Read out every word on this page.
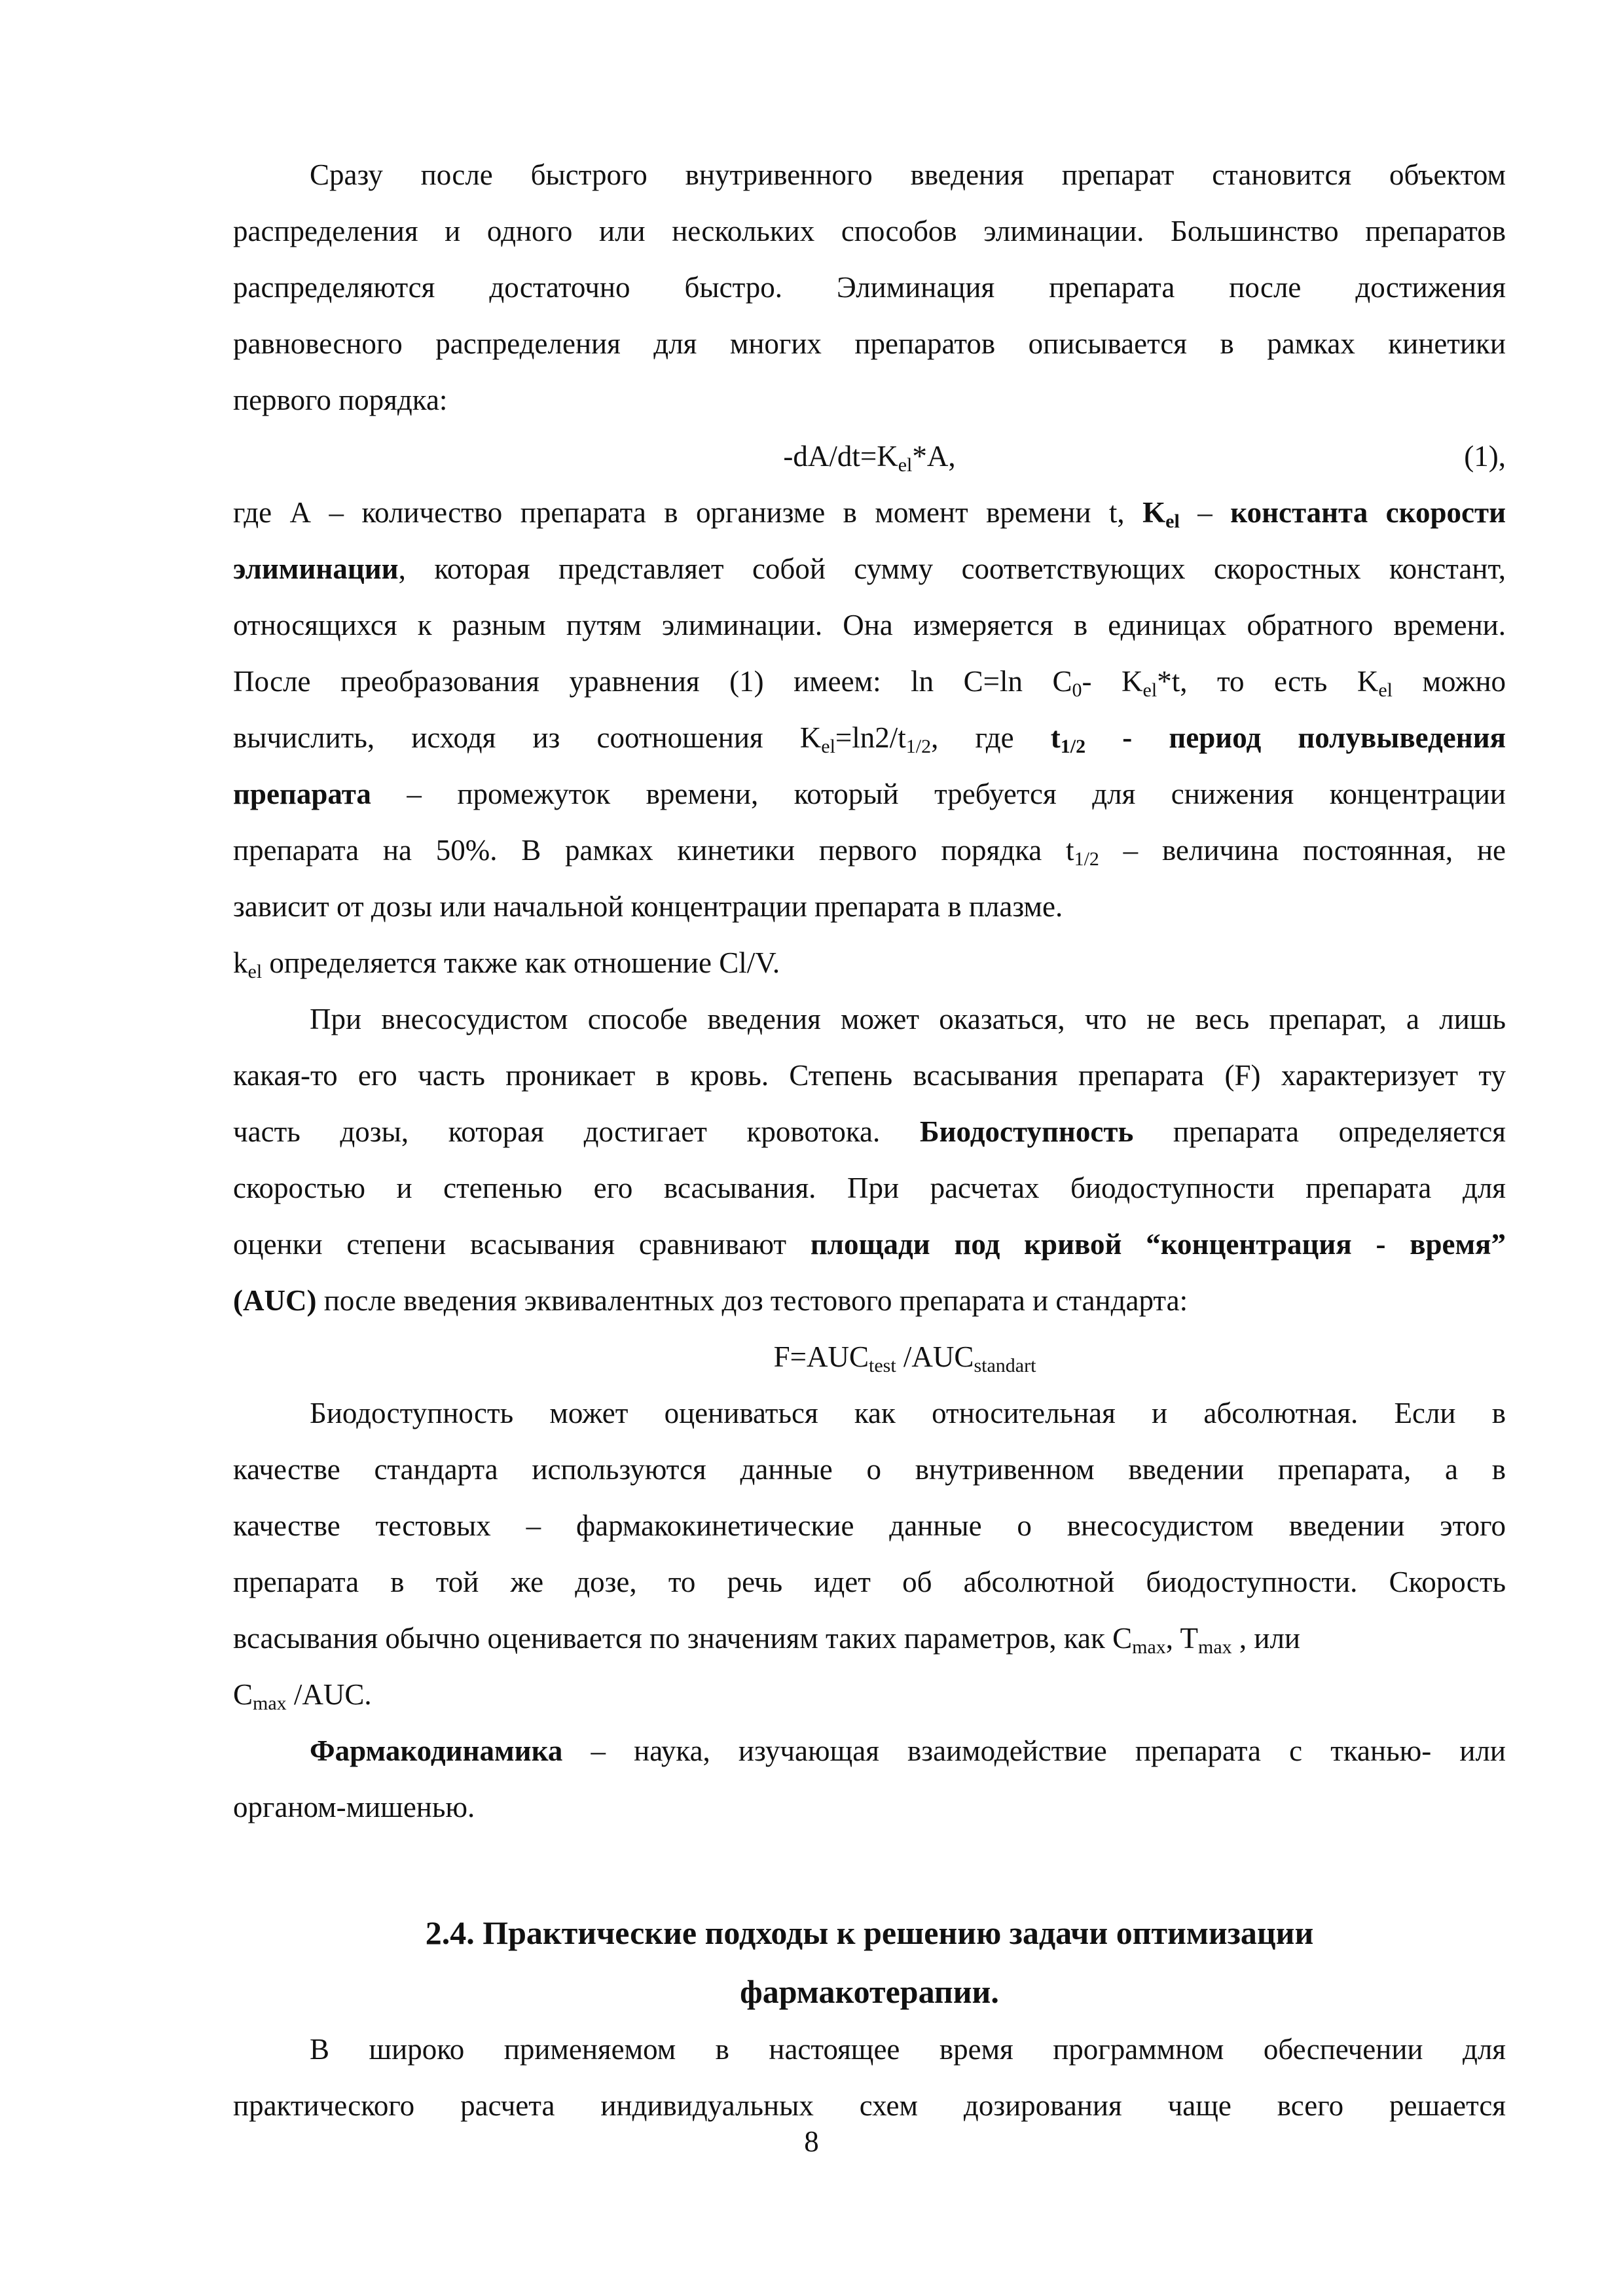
Сразу после быстрого внутривенного введения препарат становится объектом
распределения и одного или нескольких способов элиминации. Большинство препаратов
распределяются достаточно быстро. Элиминация препарата после достижения
равновесного распределения для многих препаратов описывается в рамках кинетики
первого порядка:
$-dA/dt=K_{el}*A$,	(1),
где А – количество препарата в организме в момент времени t, $K_{el}$ – константа скорости
элиминации, которая представляет собой сумму соответствующих скоростных констант,
относящихся к разным путям элиминации. Она измеряется в единицах обратного времени.
После преобразования уравнения (1) имеем: ln C=ln $C_0-$ $K_{el}*t$, то есть $K_{el}$ можно
вычислить, исходя из соотношения $K_{el}=\ln 2/t_{1/2}$, где $t_{1/2}$ - период полувыведения
препарата – промежуток времени, который требуется для снижения концентрации
препарата на 50%. В рамках кинетики первого порядка $t_{1/2}$ – величина постоянная, не
зависит от дозы или начальной концентрации препарата в плазме.
$k_{el}$ определяется также как отношение Cl/V.
При внесосудистом способе введения может оказаться, что не весь препарат, а лишь
какая-то его часть проникает в кровь. Степень всасывания препарата (F) характеризует ту
часть дозы, которая достигает кровотока. Биодоступность препарата определяется
скоростью и степенью его всасывания. При расчетах биодоступности препарата для
оценки степени всасывания сравнивают площади под кривой “концентрация - время”
(AUC) после введения эквивалентных доз тестового препарата и стандарта:
$F=AUC_{test}$ $/AUC_{standart}$
Биодоступность может оцениваться как относительная и абсолютная. Если в
качестве стандарта используются данные о внутривенном введении препарата, а в
качестве тестовых – фармакокинетические данные о внесосудистом введении этого
препарата в той же дозе, то речь идет об абсолютной биодоступности. Скорость
всасывания обычно оценивается по значениям таких параметров, как $C_{max}$, $T_{max}$ , или
$C_{max}$ /AUC.
Фармакодинамика – наука, изучающая взаимодействие препарата с тканью- или
органом-мишенью.
2.4. Практические подходы к решению задачи оптимизации
фармакотерапии.
В широко применяемом в настоящее время программном обеспечении для
практического расчета индивидуальных схем дозирования чаще всего решается
8
